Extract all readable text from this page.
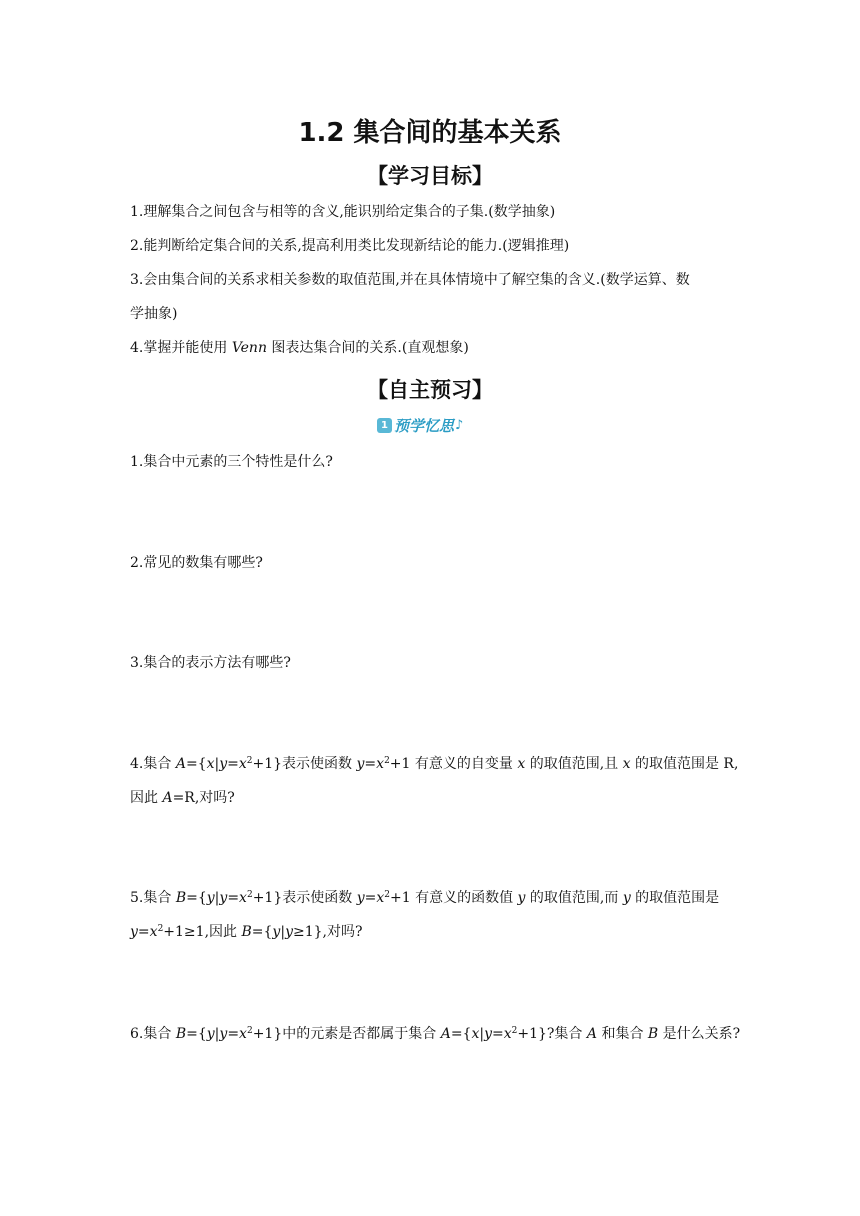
1.2 集合间的基本关系
【学习目标】
1.理解集合之间包含与相等的含义,能识别给定集合的子集.(数学抽象)
2.能判断给定集合间的关系,提高利用类比发现新结论的能力.(逻辑推理)
3.会由集合间的关系求相关参数的取值范围,并在具体情境中了解空集的含义.(数学运算、数
学抽象)
4.掌握并能使用 Venn 图表达集合间的关系.(直观想象)
【自主预习】
1 预学忆思 ♪
1.集合中元素的三个特性是什么?
2.常见的数集有哪些?
3.集合的表示方法有哪些?
4.集合 $A=\{x|y=x^2+1\}$表示使函数 $y=x^2+1$ 有意义的自变量 x 的取值范围,且 x 的取值范围是 R,
因此 A=R,对吗?
5.集合 $B=\{y|y=x^2+1\}$表示使函数 $y=x^2+1$ 有意义的函数值 y 的取值范围,而 y 的取值范围是
$y=x^2+1\ge 1$,因此 B={y|y≥1},对吗?
6.集合 $B=\{y|y=x^2+1\}$中的元素是否都属于集合 $A=\{x|y=x^2+1\}$?集合 A 和集合 B 是什么关系?
